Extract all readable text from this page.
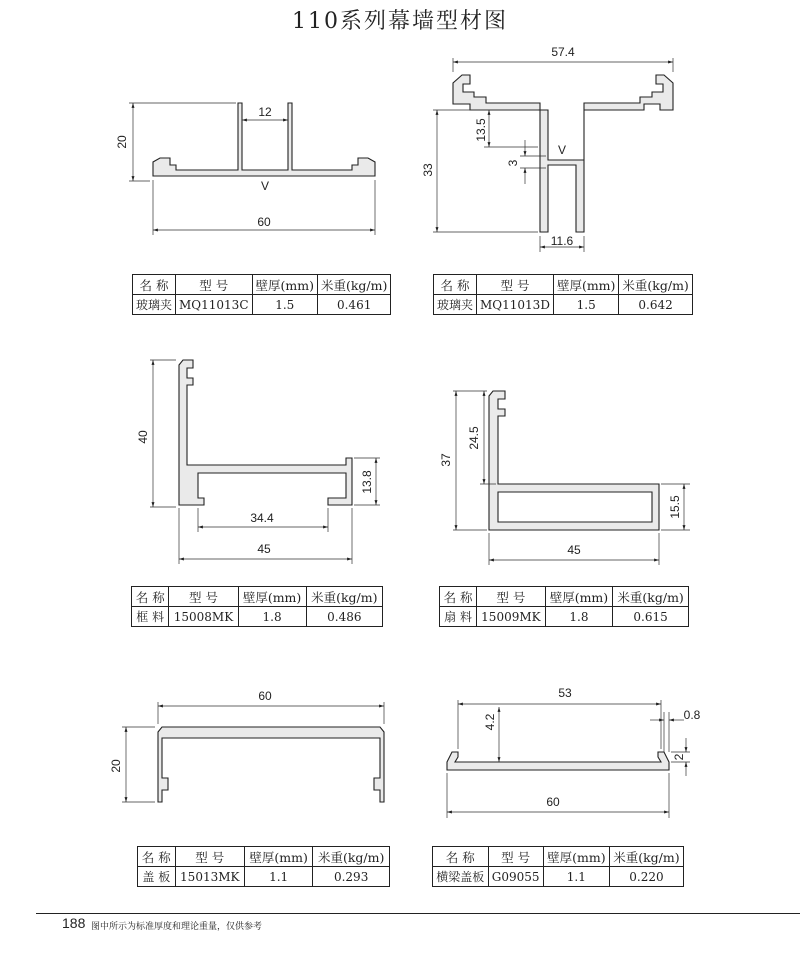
110系列幕墙型材图
20
12
V
60
57.4
13.5
33
3
V
11.6
40
13.8
34.4
45
37
24.5
15.5
45
60
20
53
4.2	0.8
2
60
名 称	型 号	壁厚(mm)	米重(kg/m)
玻璃夹	MQ11013C	1.5	0.461
名 称	型 号	壁厚(mm)	米重(kg/m)
玻璃夹	MQ11013D	1.5	0.642
名 称	型 号	壁厚(mm)	米重(kg/m)
框 料	15008MK	1.8	0.486
名 称	型 号	壁厚(mm)	米重(kg/m)
扇 料	15009MK	1.8	0.615
名 称	型 号	壁厚(mm)	米重(kg/m)
盖 板	15013MK	1.1	0.293
名 称	型 号	壁厚(mm)	米重(kg/m)
横梁盖板	G09055	1.1	0.220
188 图中所示为标准厚度和理论重量，仅供参考
